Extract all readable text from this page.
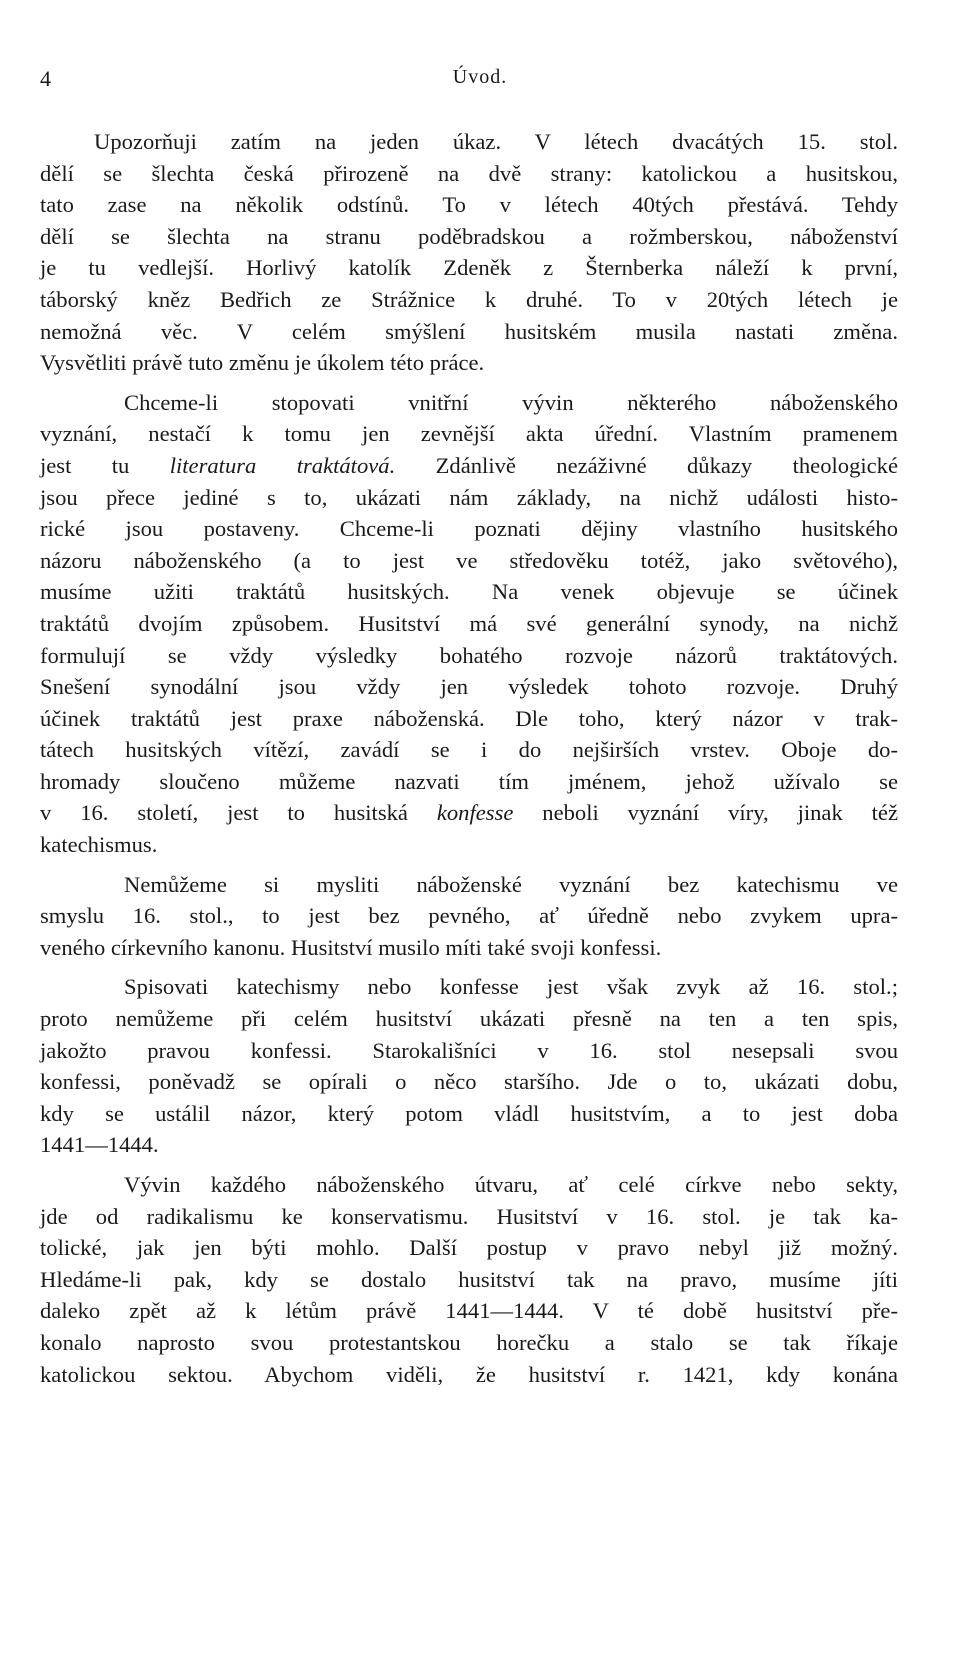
4	Úvod.

Upozorňuji zatím na jeden úkaz. V létech dvacátých 15. stol.
dělí se šlechta česká přirozeně na dvě strany: katolickou a husitskou,
tato zase na několik odstínů. To v létech 40tých přestává. Tehdy
dělí se šlechta na stranu poděbradskou a rožmberskou, náboženství
je tu vedlejší. Horlivý katolík Zdeněk z Šternberka náleží k první,
táborský kněz Bedřich ze Strážnice k druhé. To v 20tých létech je
nemožná věc. V celém smýšlení husitském musila nastati změna.
Vysvětliti právě tuto změnu je úkolem této práce.

Chceme-li stopovati vnitřní vývin některého náboženského
vyznání, nestačí k tomu jen zevnější akta úřední. Vlastním pramenem
jest tu literatura traktátová. Zdánlivě nezáživné důkazy theologické
jsou přece jediné s to, ukázati nám základy, na nichž události histo-
rické jsou postaveny. Chceme-li poznati dějiny vlastního husitského
názoru náboženského (a to jest ve středověku totéž, jako světového),
musíme užiti traktátů husitských. Na venek objevuje se účinek
traktátů dvojím způsobem. Husitství má své generální synody, na nichž
formulují se vždy výsledky bohatého rozvoje názorů traktátových.
Snešení synodální jsou vždy jen výsledek tohoto rozvoje. Druhý
účinek traktátů jest praxe náboženská. Dle toho, který názor v trak-
tátech husitských vítězí, zavádí se i do nejširších vrstev. Oboje do-
hromady sloučeno můžeme nazvati tím jménem, jehož užívalo se
v 16. století, jest to husitská konfesse neboli vyznání víry, jinak též
katechismus.

Nemůžeme si mysliti náboženské vyznání bez katechismu ve
smyslu 16. stol., to jest bez pevného, ať úředně nebo zvykem upra-
veného církevního kanonu. Husitství musilo míti také svoji konfessi.

Spisovati katechismy nebo konfesse jest však zvyk až 16. stol.;
proto nemůžeme při celém husitství ukázati přesně na ten a ten spis,
jakožto pravou konfessi. Starokališníci v 16. stol nesepsali svou
konfessi, poněvadž se opírali o něco staršího. Jde o to, ukázati dobu,
kdy se ustálil názor, který potom vládl husitstvím, a to jest doba
1441—1444.

Vývin každého náboženského útvaru, ať celé církve nebo sekty,
jde od radikalismu ke konservatismu. Husitství v 16. stol. je tak ka-
tolické, jak jen býti mohlo. Další postup v pravo nebyl již možný.
Hledáme-li pak, kdy se dostalo husitství tak na pravo, musíme jíti
daleko zpět až k létům právě 1441—1444. V té době husitství pře-
konalo naprosto svou protestantskou horečku a stalo se tak říkaje
katolickou sektou. Abychom viděli, že husitství r. 1421, kdy konána
